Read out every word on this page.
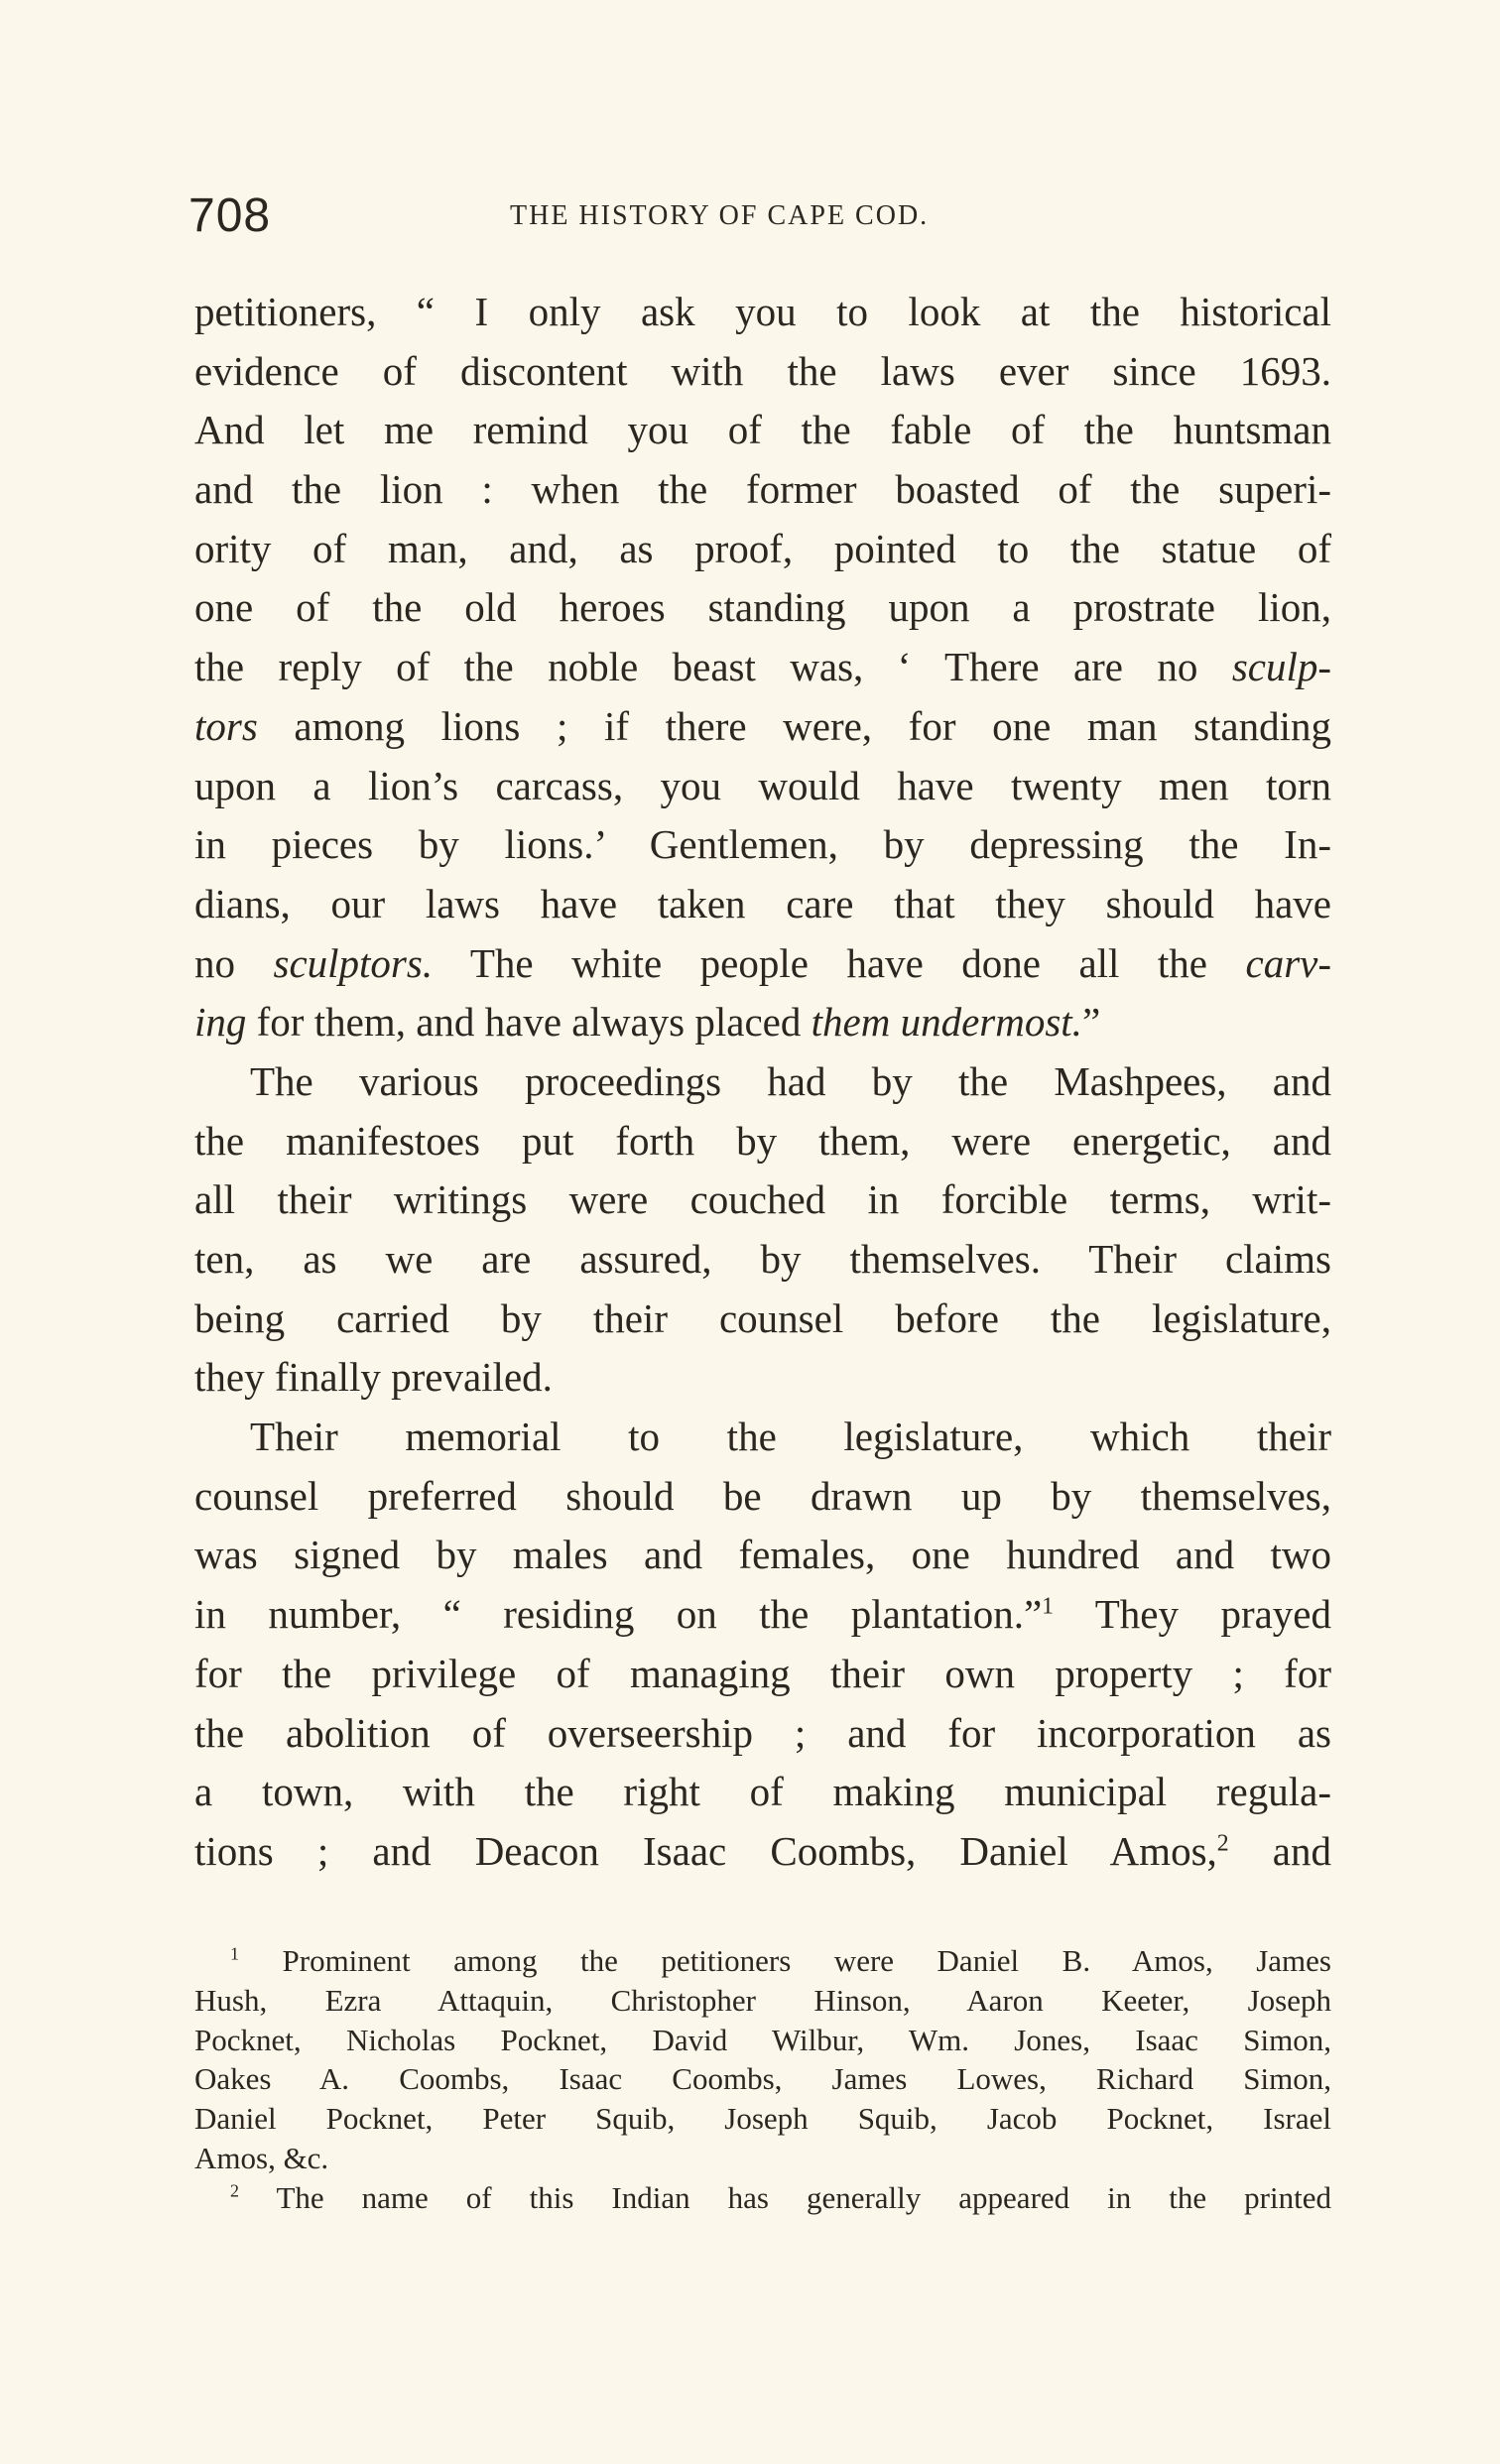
708	THE HISTORY OF CAPE COD.
petitioners, “ I only ask you to look at the historical
evidence of discontent with the laws ever since 1693.
And let me remind you of the fable of the huntsman
and the lion : when the former boasted of the superi-
ority of man, and, as proof, pointed to the statue of
one of the old heroes standing upon a prostrate lion,
the reply of the noble beast was, ‘ There are no sculp-
tors among lions ; if there were, for one man standing
upon a lion’s carcass, you would have twenty men torn
in pieces by lions.’ Gentlemen, by depressing the In-
dians, our laws have taken care that they should have
no sculptors. The white people have done all the carv-
ing for them, and have always placed them undermost.”
The various proceedings had by the Mashpees, and
the manifestoes put forth by them, were energetic, and
all their writings were couched in forcible terms, writ-
ten, as we are assured, by themselves. Their claims
being carried by their counsel before the legislature,
they finally prevailed.
Their memorial to the legislature, which their
counsel preferred should be drawn up by themselves,
was signed by males and females, one hundred and two
in number, “ residing on the plantation.”$^1$ They prayed
for the privilege of managing their own property ; for
the abolition of overseership ; and for incorporation as
a town, with the right of making municipal regula-
tions ; and Deacon Isaac Coombs, Daniel Amos,$^2$ and
$^1$ Prominent among the petitioners were Daniel B. Amos, James
Hush, Ezra Attaquin, Christopher Hinson, Aaron Keeter, Joseph
Pocknet, Nicholas Pocknet, David Wilbur, Wm. Jones, Isaac Simon,
Oakes A. Coombs, Isaac Coombs, James Lowes, Richard Simon,
Daniel Pocknet, Peter Squib, Joseph Squib, Jacob Pocknet, Israel
Amos, &c.
$^2$ The name of this Indian has generally appeared in the printed
